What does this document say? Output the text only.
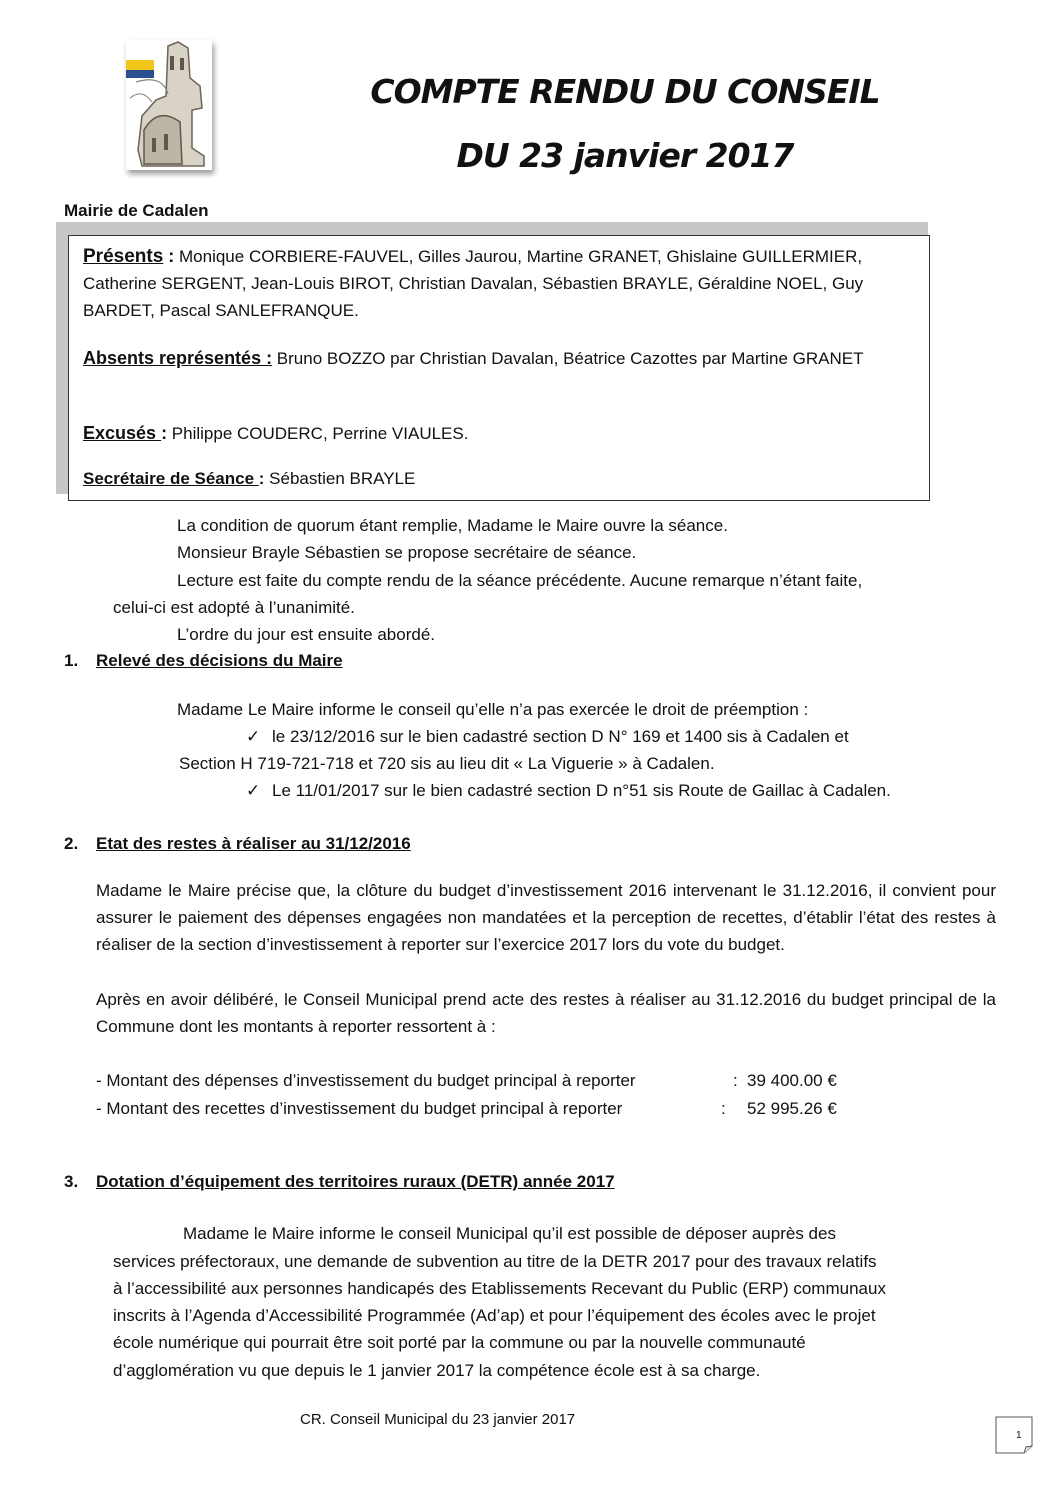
COMPTE RENDU DU CONSEIL
DU 23 janvier 2017
Mairie de Cadalen
Présents : Monique CORBIERE-FAUVEL, Gilles Jaurou, Martine GRANET, Ghislaine GUILLERMIER, Catherine SERGENT, Jean-Louis BIROT, Christian Davalan, Sébastien BRAYLE, Géraldine NOEL, Guy BARDET, Pascal SANLEFRANQUE.
Absents représentés : Bruno BOZZO par Christian Davalan, Béatrice Cazottes par Martine GRANET
Excusés : Philippe COUDERC, Perrine VIAULES.
Secrétaire de Séance : Sébastien BRAYLE
La condition de quorum étant remplie, Madame le Maire ouvre la séance.
Monsieur Brayle Sébastien se propose secrétaire de séance.
Lecture est faite du compte rendu de la séance précédente. Aucune remarque n’étant faite,
celui-ci est adopté à l’unanimité.
L’ordre du jour est ensuite abordé.
1. Relevé des décisions du Maire
Madame Le Maire informe le conseil qu’elle n’a pas exercée le droit de préemption :
✓ le 23/12/2016 sur le bien cadastré section D N° 169 et 1400 sis à Cadalen et
Section H 719-721-718 et 720 sis au lieu dit « La Viguerie » à Cadalen.
✓ Le 11/01/2017 sur le bien cadastré section D n°51 sis Route de Gaillac à Cadalen.
2. Etat des restes à réaliser au 31/12/2016
Madame le Maire précise que, la clôture du budget d’investissement 2016 intervenant le 31.12.2016, il convient pour assurer le paiement des dépenses engagées non mandatées et la perception de recettes, d’établir l’état des restes à réaliser de la section d’investissement à reporter sur l’exercice 2017 lors du vote du budget.
Après en avoir délibéré, le Conseil Municipal prend acte des restes à réaliser au 31.12.2016 du budget principal de la Commune dont les montants à reporter ressortent à :
- Montant des dépenses d’investissement du budget principal à reporter	: 39 400.00 €
- Montant des recettes d’investissement du budget principal à reporter	: 52 995.26 €
3. Dotation d’équipement des territoires ruraux (DETR) année 2017
Madame le Maire informe le conseil Municipal qu’il est possible de déposer auprès des
services préfectoraux, une demande de subvention au titre de la DETR 2017 pour des travaux relatifs
à l’accessibilité aux personnes handicapés des Etablissements Recevant du Public (ERP) communaux
inscrits à l’Agenda d’Accessibilité Programmée (Ad’ap) et pour l’équipement des écoles avec le projet
école numérique qui pourrait être soit porté par la commune ou par la nouvelle communauté
d’agglomération vu que depuis le 1 janvier 2017 la compétence école est à sa charge.
CR. Conseil Municipal du 23 janvier 2017
1
